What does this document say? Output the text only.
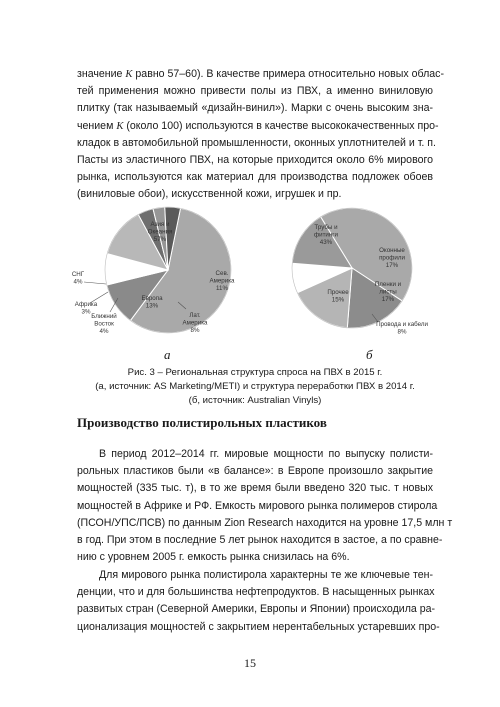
значение K равно 57–60). В качестве примера относительно новых облас-
тей применения можно привести полы из ПВХ, а именно виниловую
плитку (так называемый «дизайн-винил»). Марки с очень высоким зна-
чением K (около 100) используются в качестве высококачественных про-
кладок в автомобильной промышленности, оконных уплотнителей и т. п.
Пасты из эластичного ПВХ, на которые приходится около 6% мирового
рынка, используются как материал для производства подложек обоев
(виниловые обои), искусственной кожи, игрушек и пр.
Азия и
Океания
57%
Сев.
Америка
11%
Лат.
Америка
8%
Европа
13%
Ближний
Восток
4%
Африка
3%
СНГ
4%
а
Трубы и
фитинги
43%
Оконные
профили
17%
Пленки и
листы
17%
Провода и кабели
8%
Прочее
15%
б
Рис. 3 – Региональная структура спроса на ПВХ в 2015 г.
(а, источник: AS Marketing/METI) и структура переработки ПВХ в 2014 г.
(б, источник: Australian Vinyls)
Производство полистирольных пластиков
В период 2012–2014 гг. мировые мощности по выпуску полисти-
рольных пластиков были «в балансе»: в Европе произошло закрытие
мощностей (335 тыс. т), в то же время были введено 320 тыс. т новых
мощностей в Африке и РФ. Емкость мирового рынка полимеров стирола
(ПСОН/УПС/ПСВ) по данным Zion Research находится на уровне 17,5 млн т
в год. При этом в последние 5 лет рынок находится в застое, а по сравне-
нию с уровнем 2005 г. емкость рынка снизилась на 6%.
Для мирового рынка полистирола характерны те же ключевые тен-
денции, что и для большинства нефтепродуктов. В насыщенных рынках
развитых стран (Северной Америки, Европы и Японии) происходила ра-
ционализация мощностей с закрытием нерентабельных устаревших про-
15
